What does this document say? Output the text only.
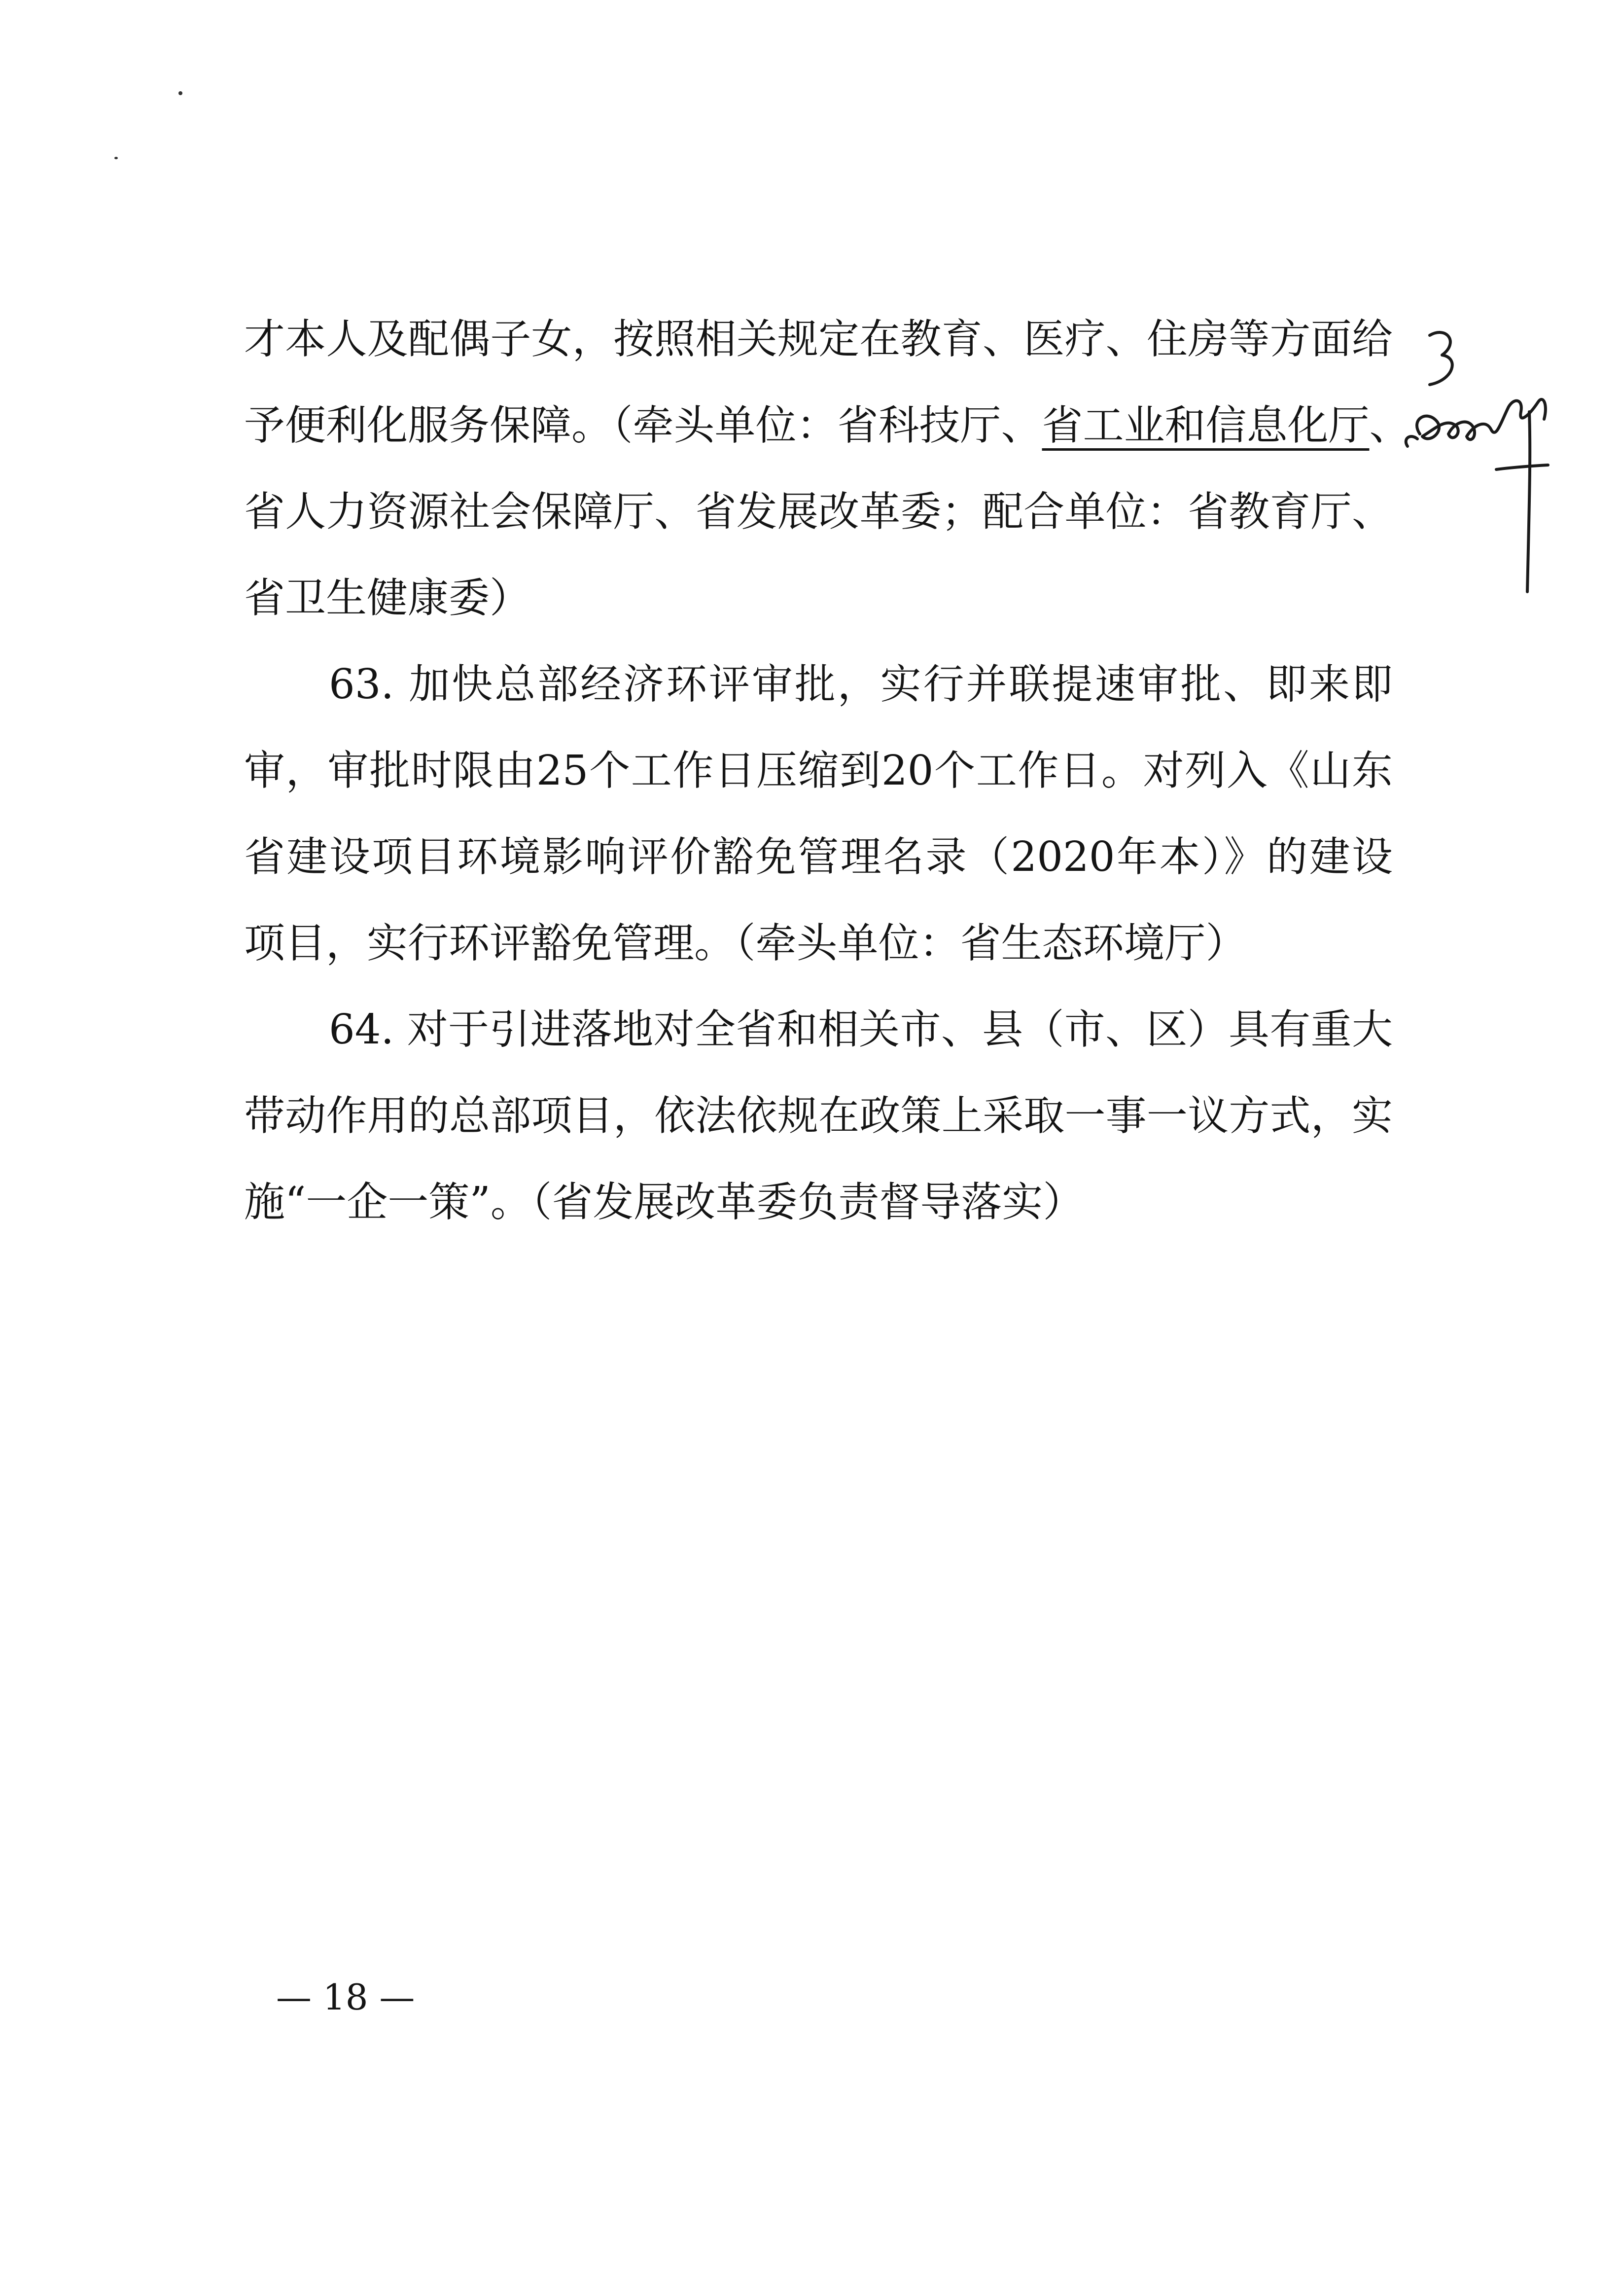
才本人及配偶子女，按照相关规定在教育、医疗、住房等方面给
予便利化服务保障。（牵头单位：省科技厅、省工业和信息化厅、
省人力资源社会保障厅、省发展改革委；配合单位：省教育厅、
省卫生健康委）
63. 加快总部经济环评审批，实行并联提速审批、即来即
审，审批时限由25个工作日压缩到20个工作日。对列入《山东
省建设项目环境影响评价豁免管理名录（2020年本）》的建设
项目，实行环评豁免管理。（牵头单位：省生态环境厅）
64. 对于引进落地对全省和相关市、县（市、区）具有重大
带动作用的总部项目，依法依规在政策上采取一事一议方式，实
施“一企一策”。（省发展改革委负责督导落实）
— 18 —
